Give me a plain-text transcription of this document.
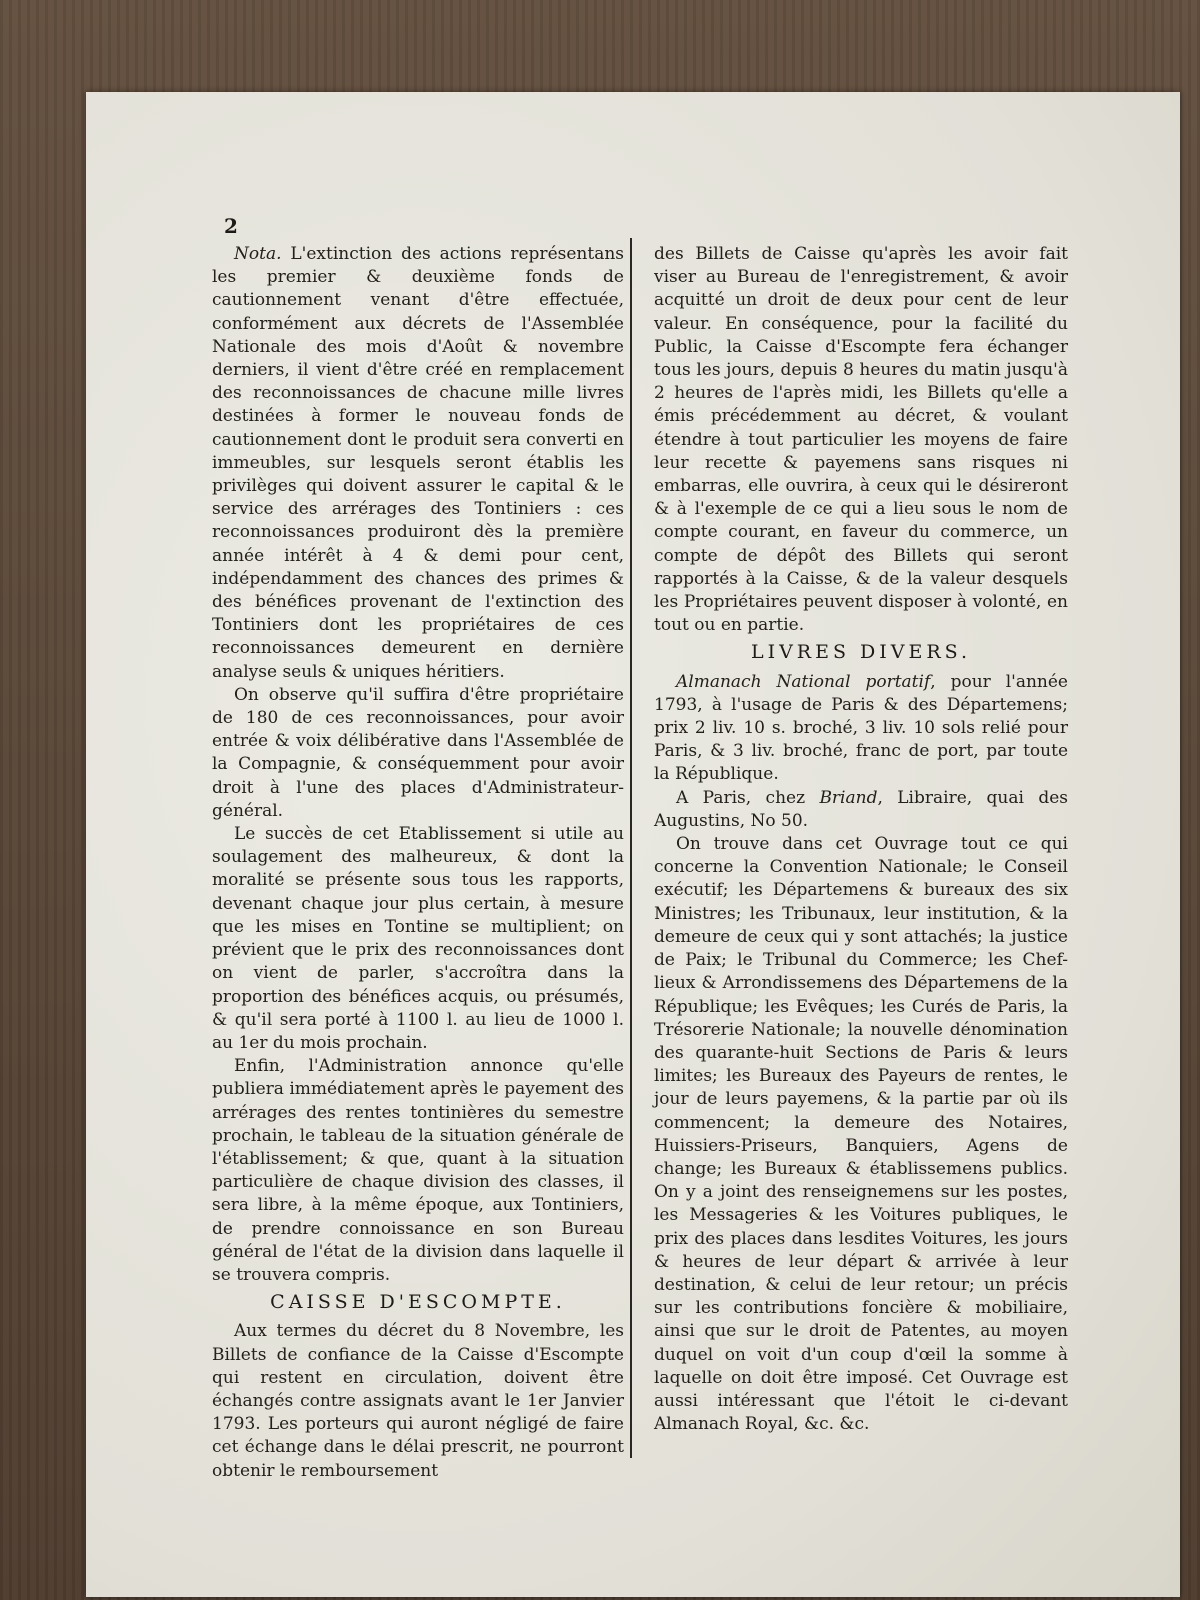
2

Nota. L'extinction des actions représentans les premier & deuxième fonds de cautionnement venant d'être effectuée, conformément aux décrets de l'Assemblée Nationale des mois d'Août & novembre derniers, il vient d'être créé en remplacement des reconnoissances de chacune mille livres destinées à former le nouveau fonds de cautionnement dont le produit sera converti en immeubles, sur lesquels seront établis les privilèges qui doivent assurer le capital & le service des arrérages des Tontiniers : ces reconnoissances produiront dès la première année intérêt à 4 & demi pour cent, indépendamment des chances des primes & des bénéfices provenant de l'extinction des Tontiniers dont les propriétaires de ces reconnoissances demeurent en dernière analyse seuls & uniques héritiers.

On observe qu'il suffira d'être propriétaire de 180 de ces reconnoissances, pour avoir entrée & voix délibérative dans l'Assemblée de la Compagnie, & conséquemment pour avoir droit à l'une des places d'Administrateur-général.

Le succès de cet Etablissement si utile au soulagement des malheureux, & dont la moralité se présente sous tous les rapports, devenant chaque jour plus certain, à mesure que les mises en Tontine se multiplient; on prévient que le prix des reconnoissances dont on vient de parler, s'accroîtra dans la proportion des bénéfices acquis, ou présumés, & qu'il sera porté à 1100 l. au lieu de 1000 l. au 1er du mois prochain.

Enfin, l'Administration annonce qu'elle publiera immédiatement après le payement des arrérages des rentes tontinières du semestre prochain, le tableau de la situation générale de l'établissement; & que, quant à la situation particulière de chaque division des classes, il sera libre, à la même époque, aux Tontiniers, de prendre connoissance en son Bureau général de l'état de la division dans laquelle il se trouvera compris.

CAISSE D'ESCOMPTE.

Aux termes du décret du 8 Novembre, les Billets de confiance de la Caisse d'Escompte qui restent en circulation, doivent être échangés contre assignats avant le 1er Janvier 1793. Les porteurs qui auront négligé de faire cet échange dans le délai prescrit, ne pourront obtenir le remboursement

des Billets de Caisse qu'après les avoir fait viser au Bureau de l'enregistrement, & avoir acquitté un droit de deux pour cent de leur valeur. En conséquence, pour la facilité du Public, la Caisse d'Escompte fera échanger tous les jours, depuis 8 heures du matin jusqu'à 2 heures de l'après midi, les Billets qu'elle a émis précédemment au décret, & voulant étendre à tout particulier les moyens de faire leur recette & payemens sans risques ni embarras, elle ouvrira, à ceux qui le désireront & à l'exemple de ce qui a lieu sous le nom de compte courant, en faveur du commerce, un compte de dépôt des Billets qui seront rapportés à la Caisse, & de la valeur desquels les Propriétaires peuvent disposer à volonté, en tout ou en partie.

LIVRES DIVERS.

Almanach National portatif, pour l'année 1793, à l'usage de Paris & des Départemens; prix 2 liv. 10 s. broché, 3 liv. 10 sols relié pour Paris, & 3 liv. broché, franc de port, par toute la République.

A Paris, chez Briand, Libraire, quai des Augustins, No 50.

On trouve dans cet Ouvrage tout ce qui concerne la Convention Nationale; le Conseil exécutif; les Départemens & bureaux des six Ministres; les Tribunaux, leur institution, & la demeure de ceux qui y sont attachés; la justice de Paix; le Tribunal du Commerce; les Chef-lieux & Arrondissemens des Départemens de la République; les Evêques; les Curés de Paris, la Trésorerie Nationale; la nouvelle dénomination des quarante-huit Sections de Paris & leurs limites; les Bureaux des Payeurs de rentes, le jour de leurs payemens, & la partie par où ils commencent; la demeure des Notaires, Huissiers-Priseurs, Banquiers, Agens de change; les Bureaux & établissemens publics. On y a joint des renseignemens sur les postes, les Messageries & les Voitures publiques, le prix des places dans lesdites Voitures, les jours & heures de leur départ & arrivée à leur destination, & celui de leur retour; un précis sur les contributions foncière & mobiliaire, ainsi que sur le droit de Patentes, au moyen duquel on voit d'un coup d'œil la somme à laquelle on doit être imposé. Cet Ouvrage est aussi intéressant que l'étoit le ci-devant Almanach Royal, &c. &c.
